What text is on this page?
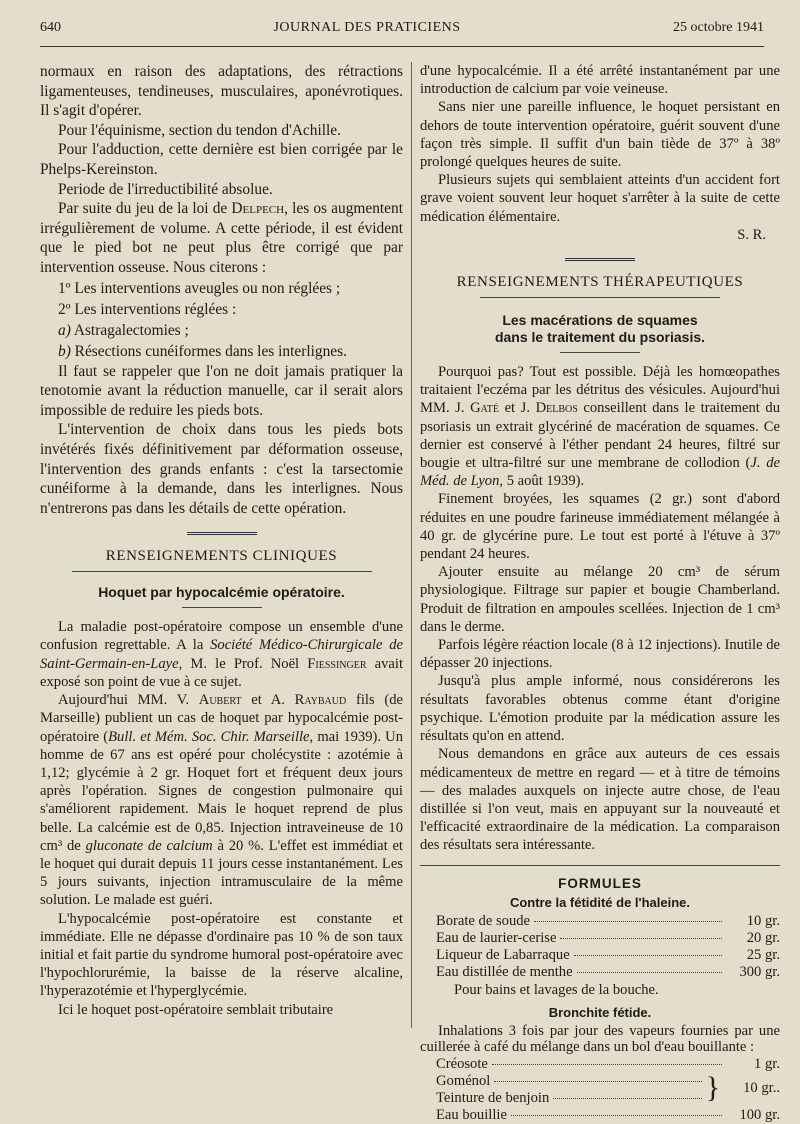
640	JOURNAL DES PRATICIENS	25 octobre 1941

normaux en raison des adaptations, des rétractions ligamenteuses, tendineuses, musculaires, aponévrotiques. Il s'agit d'opérer.

Pour l'équinisme, section du tendon d'Achille.

Pour l'adduction, cette dernière est bien corrigée par le Phelps-Kereinston.

Periode de l'irreductibilité absolue.

Par suite du jeu de la loi de Delpech, les os augmentent irrégulièrement de volume. A cette période, il est évident que le pied bot ne peut plus être corrigé que par intervention osseuse. Nous citerons :

1º Les interventions aveugles ou non réglées ;

2º Les interventions réglées :

a) Astragalectomies ;

b) Résections cunéiformes dans les interlignes.

Il faut se rappeler que l'on ne doit jamais pratiquer la tenotomie avant la réduction manuelle, car il serait alors impossible de reduire les pieds bots.

L'intervention de choix dans tous les pieds bots invétérés fixés définitivement par déformation osseuse, l'intervention des grands enfants : c'est la tarsectomie cunéiforme à la demande, dans les interlignes. Nous n'entrerons pas dans les détails de cette opération.

RENSEIGNEMENTS CLINIQUES
Hoquet par hypocalcémie opératoire.

La maladie post-opératoire compose un ensemble d'une confusion regrettable. A la Société Médico-Chirurgicale de Saint-Germain-en-Laye, M. le Prof. Noël Fiessinger avait exposé son point de vue à ce sujet.

Aujourd'hui MM. V. Aubert et A. Raybaud fils (de Marseille) publient un cas de hoquet par hypocalcémie post-opératoire (Bull. et Mém. Soc. Chir. Marseille, mai 1939). Un homme de 67 ans est opéré pour cholécystite : azotémie à 1,12; glycémie à 2 gr. Hoquet fort et fréquent deux jours après l'opération. Signes de congestion pulmonaire qui s'améliorent rapidement. Mais le hoquet reprend de plus belle. La calcémie est de 0,85. Injection intraveineuse de 10 cm³ de gluconate de calcium à 20 %. L'effet est immédiat et le hoquet qui durait depuis 11 jours cesse instantanément. Les 5 jours suivants, injection intramusculaire de la même solution. Le malade est guéri.

L'hypocalcémie post-opératoire est constante et immédiate. Elle ne dépasse d'ordinaire pas 10 % de son taux initial et fait partie du syndrome humoral post-opératoire avec l'hypochlorurémie, la baisse de la réserve alcaline, l'hyperazotémie et l'hyperglycémie.

Ici le hoquet post-opératoire semblait tributaire

d'une hypocalcémie. Il a été arrêté instantanément par une introduction de calcium par voie veineuse.

Sans nier une pareille influence, le hoquet persistant en dehors de toute intervention opératoire, guérit souvent d'une façon très simple. Il suffit d'un bain tiède de 37º à 38º prolongé quelques heures de suite.

Plusieurs sujets qui semblaient atteints d'un accident fort grave voient souvent leur hoquet s'arrêter à la suite de cette médication élémentaire.

S. R.

RENSEIGNEMENTS THÉRAPEUTIQUES
Les macérations de squames
dans le traitement du psoriasis.

Pourquoi pas? Tout est possible. Déjà les homœopathes traitaient l'eczéma par les détritus des vésicules. Aujourd'hui MM. J. Gaté et J. Delbos conseillent dans le traitement du psoriasis un extrait glycériné de macération de squames. Ce dernier est conservé à l'éther pendant 24 heures, filtré sur bougie et ultra-filtré sur une membrane de collodion (J. de Méd. de Lyon, 5 août 1939).

Finement broyées, les squames (2 gr.) sont d'abord réduites en une poudre farineuse immédiatement mélangée à 40 gr. de glycérine pure. Le tout est porté à l'étuve à 37º pendant 24 heures.

Ajouter ensuite au mélange 20 cm³ de sérum physiologique. Filtrage sur papier et bougie Chamberland. Produit de filtration en ampoules scellées. Injection de 1 cm³ dans le derme.

Parfois légère réaction locale (8 à 12 injections). Inutile de dépasser 20 injections.

Jusqu'à plus ample informé, nous considérerons les résultats favorables obtenus comme étant d'origine psychique. L'émotion produite par la médication assure les résultats qu'on en attend.

Nous demandons en grâce aux auteurs de ces essais médicamenteux de mettre en regard — et à titre de témoins — des malades auxquels on injecte autre chose, de l'eau distillée si l'on veut, mais en appuyant sur la nouveauté et l'efficacité extraordinaire de la médication. La comparaison des résultats sera intéressante.

FORMULES
Contre la fétidité de l'haleine.
Borate de soude	10 gr.
Eau de laurier-cerise	20 gr.
Liqueur de Labarraque	25 gr.
Eau distillée de menthe	300 gr.

Pour bains et lavages de la bouche.

Bronchite fétide.

Inhalations 3 fois par jour des vapeurs fournies par une cuillerée à café du mélange dans un bol d'eau bouillante :

Créosote	1 gr.
Goménol
Teinture de benjoin	}	10 gr..
Eau bouillie	100 gr.
